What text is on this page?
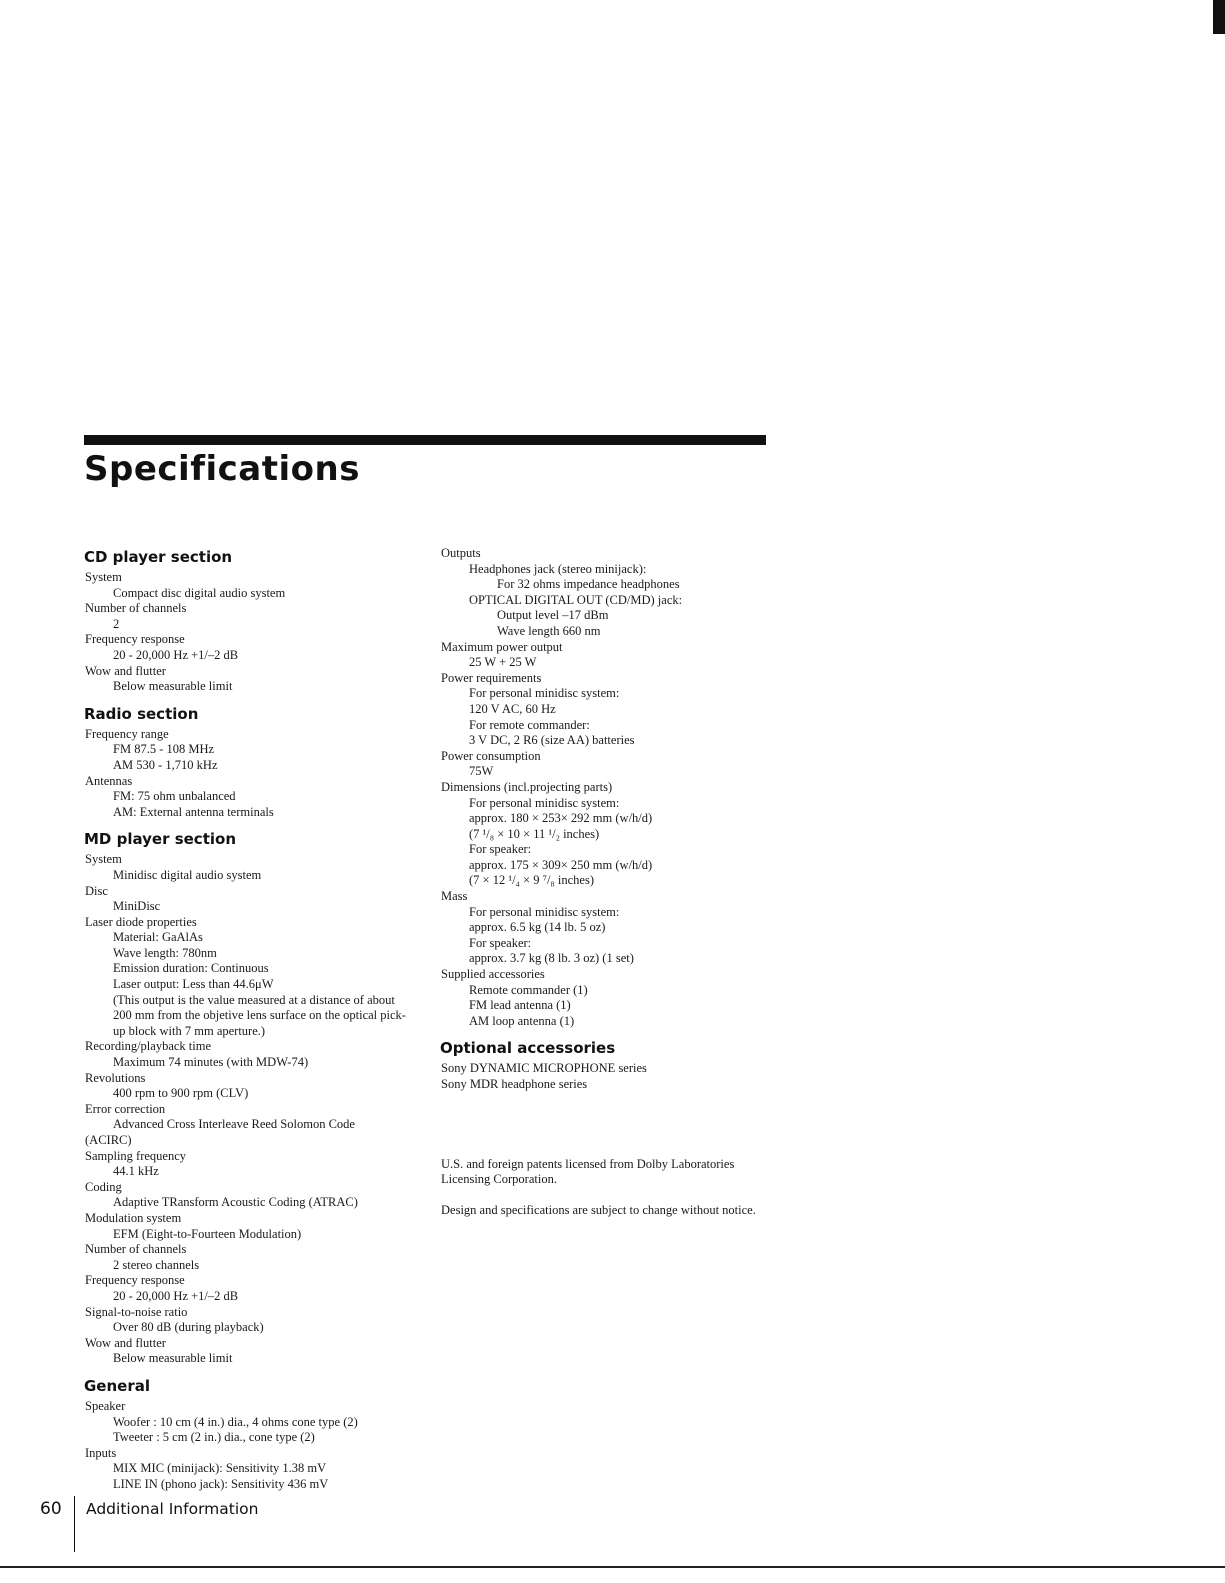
Specifications
CD player section
System
Compact disc digital audio system
Number of channels
2
Frequency response
20 - 20,000 Hz +1/–2 dB
Wow and flutter
Below measurable limit
Radio section
Frequency range
FM 87.5 - 108 MHz
AM 530 - 1,710 kHz
Antennas
FM: 75 ohm unbalanced
AM: External antenna terminals
MD player section
System
Minidisc digital audio system
Disc
MiniDisc
Laser diode properties
Material: GaAlAs
Wave length: 780nm
Emission duration: Continuous
Laser output: Less than 44.6μW
(This output is the value measured at a distance of about 200 mm from the objetive lens surface on the optical pick-up block with 7 mm aperture.)
Recording/playback time
Maximum 74 minutes (with MDW-74)
Revolutions
400 rpm to 900 rpm (CLV)
Error correction
Advanced Cross Interleave Reed Solomon Code
(ACIRC)
Sampling frequency
44.1 kHz
Coding
Adaptive TRansform Acoustic Coding (ATRAC)
Modulation system
EFM (Eight-to-Fourteen Modulation)
Number of channels
2 stereo channels
Frequency response
20 - 20,000 Hz +1/–2 dB
Signal-to-noise ratio
Over 80 dB (during playback)
Wow and flutter
Below measurable limit
General
Speaker
Woofer : 10 cm (4 in.) dia., 4 ohms cone type (2)
Tweeter : 5 cm (2 in.) dia., cone type (2)
Inputs
MIX MIC (minijack): Sensitivity 1.38 mV
LINE IN (phono jack): Sensitivity 436 mV
Outputs
Headphones jack (stereo minijack):
For 32 ohms impedance headphones
OPTICAL DIGITAL OUT (CD/MD) jack:
Output level –17 dBm
Wave length 660 nm
Maximum power output
25 W + 25 W
Power requirements
For personal minidisc system:
120 V AC, 60 Hz
For remote commander:
3 V DC, 2 R6 (size AA) batteries
Power consumption
75W
Dimensions (incl.projecting parts)
For personal minidisc system:
approx. 180 × 253× 292 mm (w/h/d)
(7 ¹/₈ × 10 × 11 ¹/₂ inches)
For speaker:
approx. 175 × 309× 250 mm (w/h/d)
(7 × 12 ¹/₄ × 9 ⁷/₈ inches)
Mass
For personal minidisc system:
approx. 6.5 kg (14 lb. 5 oz)
For speaker:
approx. 3.7 kg (8 lb. 3 oz) (1 set)
Supplied accessories
Remote commander (1)
FM lead antenna (1)
AM loop antenna (1)
Optional accessories
Sony DYNAMIC MICROPHONE series
Sony MDR headphone series
U.S. and foreign patents licensed from Dolby Laboratories Licensing Corporation.
Design and specifications are subject to change without notice.
60 Additional Information
